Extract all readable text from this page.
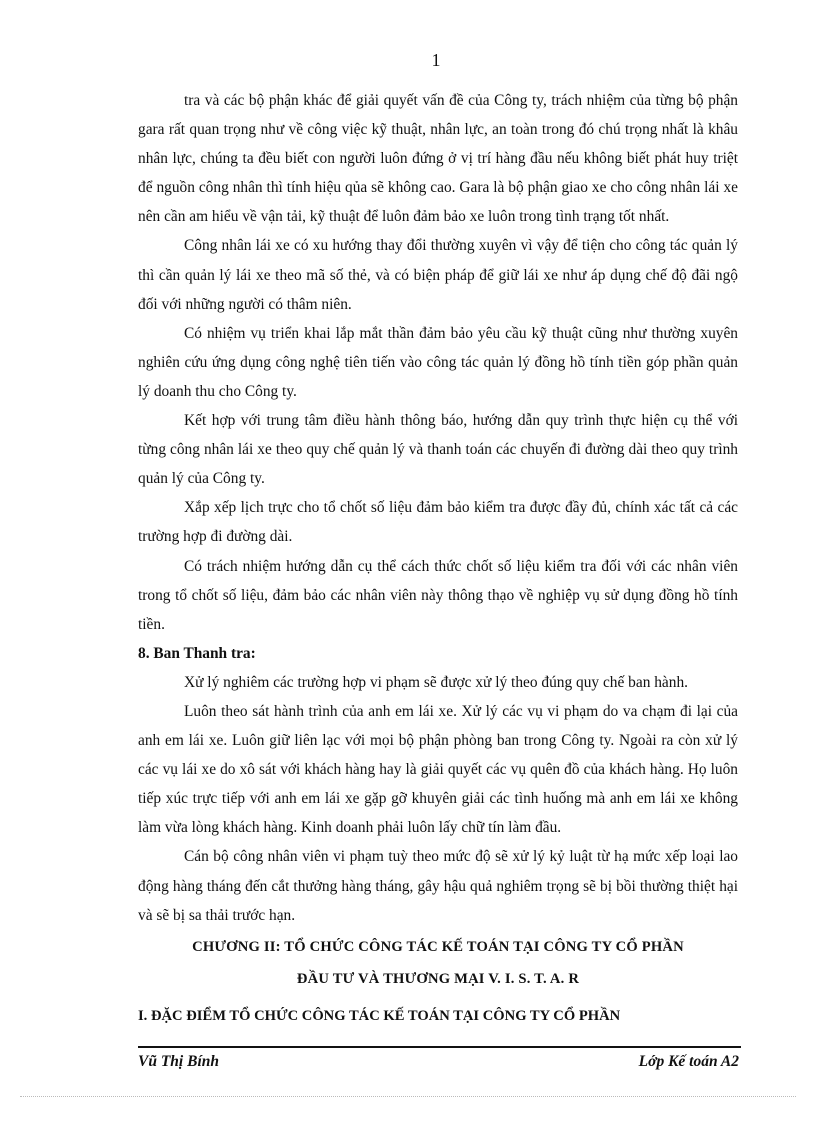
1

tra và các bộ phận khác để giải quyết vấn đề của Công ty, trách nhiệm của từng bộ phận gara rất quan trọng như về công việc kỹ thuật, nhân lực, an toàn trong đó chú trọng nhất là khâu nhân lực, chúng ta đều biết con người luôn đứng ở vị trí hàng đầu nếu không biết phát huy triệt để nguồn công nhân thì tính hiệu qủa sẽ không cao. Gara là bộ phận giao xe cho công nhân lái xe nên cần am hiểu về vận tải, kỹ thuật để luôn đảm bảo xe luôn trong tình trạng tốt nhất.

Công nhân lái xe có xu hướng thay đổi thường xuyên vì vậy để tiện cho công tác quản lý thì cần quản lý lái xe theo mã số thẻ, và có biện pháp để giữ lái xe như áp dụng chế độ đãi ngộ đối với những người có thâm niên.

Có nhiệm vụ triển khai lắp mắt thần đảm bảo yêu cầu kỹ thuật cũng như thường xuyên nghiên cứu ứng dụng công nghệ tiên tiến vào công tác quản lý đồng hồ tính tiền góp phần quản lý doanh thu cho Công ty.

Kết hợp với trung tâm điều hành thông báo, hướng dẫn quy trình thực hiện cụ thể với từng công nhân lái xe theo quy chế quản lý và thanh toán các chuyến đi đường dài theo quy trình quản lý của Công ty.

Xắp xếp lịch trực cho tổ chốt số liệu đảm bảo kiểm tra được đầy đủ, chính xác tất cả các trường hợp đi đường dài.

Có trách nhiệm hướng dẫn cụ thể cách thức chốt số liệu kiểm tra đối với các nhân viên trong tổ chốt số liệu, đảm bảo các nhân viên này thông thạo về nghiệp vụ sử dụng đồng hồ tính tiền.

8. Ban Thanh tra:

Xử lý nghiêm các trường hợp vi phạm sẽ được xử lý theo đúng quy chế ban hành.

Luôn theo sát hành trình của anh em lái xe. Xử lý các vụ vi phạm do va chạm đi lại của anh em lái xe. Luôn giữ liên lạc với mọi bộ phận phòng ban trong Công ty. Ngoài ra còn xử lý các vụ lái xe do xô sát với khách hàng hay là giải quyết các vụ quên đồ của khách hàng. Họ luôn tiếp xúc trực tiếp với anh em lái xe gặp gỡ khuyên giải các tình huống mà anh em lái xe không làm vừa lòng khách hàng. Kinh doanh phải luôn lấy chữ tín làm đầu.

Cán bộ công nhân viên vi phạm tuỳ theo mức độ sẽ xử lý kỷ luật từ hạ mức xếp loại lao động hàng tháng đến cắt thưởng hàng tháng, gây hậu quả nghiêm trọng sẽ bị bồi thường thiệt hại và sẽ bị sa thải trước hạn.

CHƯƠNG II: TỔ CHỨC CÔNG TÁC KẾ TOÁN TẠI CÔNG TY CỔ PHẦN

ĐẦU TƯ VÀ THƯƠNG MẠI V. I. S. T. A. R

I. ĐẶC ĐIỂM TỔ CHỨC CÔNG TÁC KẾ TOÁN TẠI CÔNG TY CỔ PHẦN

Vũ Thị Bính	Lớp Kế toán A2
